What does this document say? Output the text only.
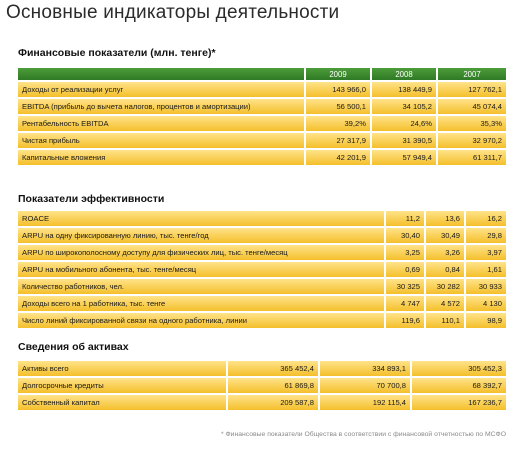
Основные индикаторы деятельности
Финансовые показатели (млн. тенге)*
	2009	2008	2007
Доходы от реализации услуг	143 966,0	138 449,9	127 762,1
EBITDA (прибыль до вычета налогов, процентов и амортизации)	56 500,1	34 105,2	45 074,4
Рентабельность EBITDA	39,2%	24,6%	35,3%
Чистая прибыль	27 317,9	31 390,5	32 970,2
Капитальные вложения	42 201,9	57 949,4	61 311,7
Показатели эффективности
ROACE	11,2	13,6	16,2
ARPU на одну фиксированную линию, тыс. тенге/год	30,40	30,49	29,8
ARPU по широкополосному доступу для физических лиц, тыс. тенге/месяц	3,25	3,26	3,97
ARPU на мобильного абонента, тыс. тенге/месяц	0,69	0,84	1,61
Количество работников, чел.	30 325	30 282	30 933
Доходы всего на 1 работника, тыс. тенге	4 747	4 572	4 130
Число линий фиксированной связи на одного работника, линии	119,6	110,1	98,9
Сведения об активах
Активы всего	365 452,4	334 893,1	305 452,3
Долгосрочные кредиты	61 869,8	70 700,8	68 392,7
Собственный капитал	209 587,8	192 115,4	167 236,7
* Финансовые показатели Общества в соответствии с финансовой отчетностью по МСФО
